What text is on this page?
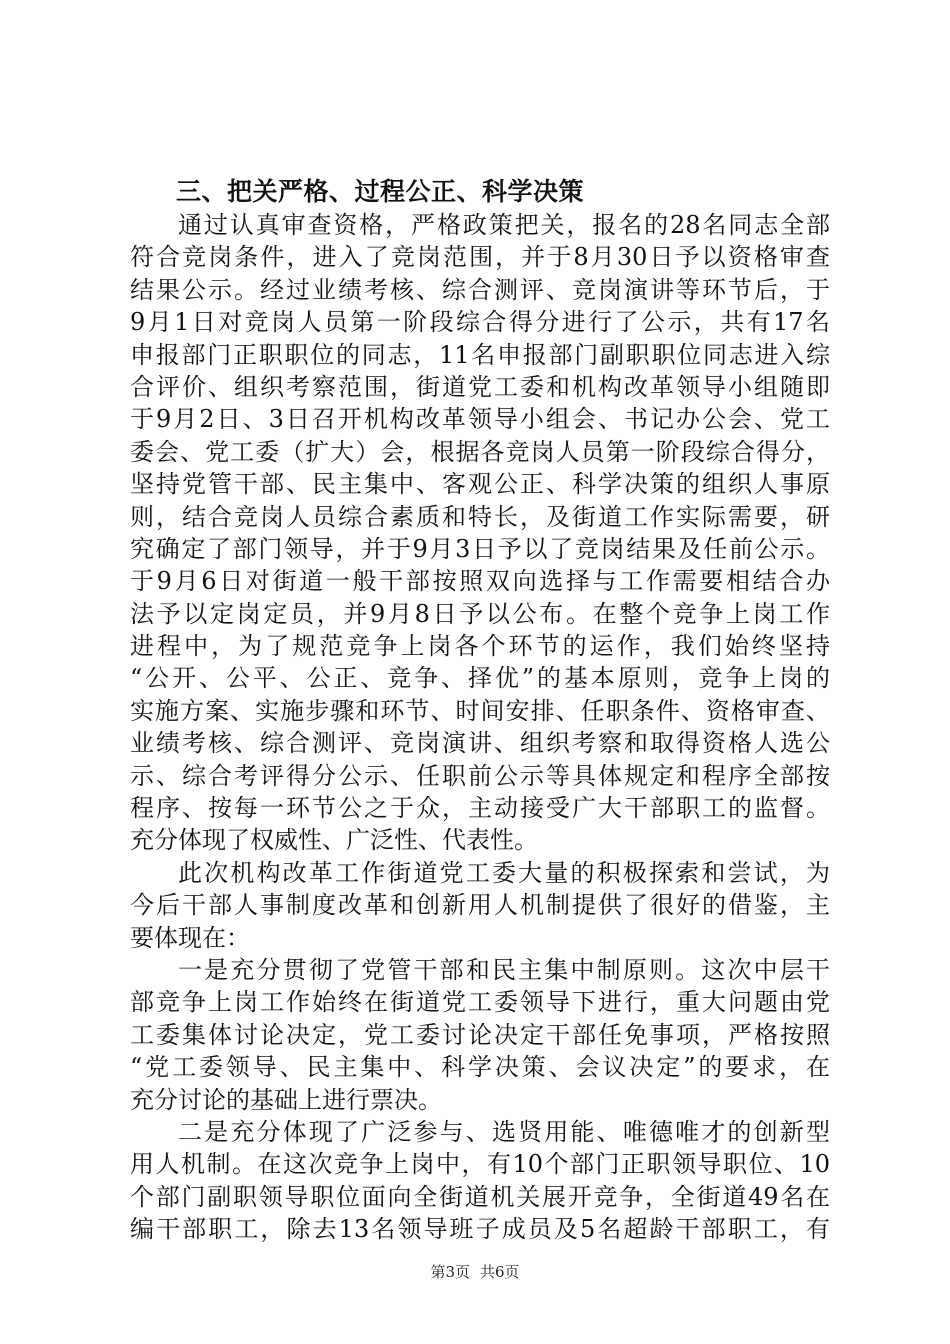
三、把关严格、过程公正、科学决策
通过认真审查资格，严格政策把关，报名的28名同志全部
符合竞岗条件，进入了竞岗范围，并于8月30日予以资格审查
结果公示。经过业绩考核、综合测评、竞岗演讲等环节后，于
9月1日对竞岗人员第一阶段综合得分进行了公示，共有17名
申报部门正职职位的同志，11名申报部门副职职位同志进入综
合评价、组织考察范围，街道党工委和机构改革领导小组随即
于9月2日、3日召开机构改革领导小组会、书记办公会、党工
委会、党工委（扩大）会，根据各竞岗人员第一阶段综合得分，
坚持党管干部、民主集中、客观公正、科学决策的组织人事原
则，结合竞岗人员综合素质和特长，及街道工作实际需要，研
究确定了部门领导，并于9月3日予以了竞岗结果及任前公示。
于9月6日对街道一般干部按照双向选择与工作需要相结合办
法予以定岗定员，并9月8日予以公布。在整个竞争上岗工作
进程中，为了规范竞争上岗各个环节的运作，我们始终坚持
“公开、公平、公正、竞争、择优”的基本原则，竞争上岗的
实施方案、实施步骤和环节、时间安排、任职条件、资格审查、
业绩考核、综合测评、竞岗演讲、组织考察和取得资格人选公
示、综合考评得分公示、任职前公示等具体规定和程序全部按
程序、按每一环节公之于众，主动接受广大干部职工的监督。
充分体现了权威性、广泛性、代表性。
此次机构改革工作街道党工委大量的积极探索和尝试，为
今后干部人事制度改革和创新用人机制提供了很好的借鉴，主
要体现在：
一是充分贯彻了党管干部和民主集中制原则。这次中层干
部竞争上岗工作始终在街道党工委领导下进行，重大问题由党
工委集体讨论决定，党工委讨论决定干部任免事项，严格按照
“党工委领导、民主集中、科学决策、会议决定”的要求，在
充分讨论的基础上进行票决。
二是充分体现了广泛参与、选贤用能、唯德唯才的创新型
用人机制。在这次竞争上岗中，有10个部门正职领导职位、10
个部门副职领导职位面向全街道机关展开竞争，全街道49名在
编干部职工，除去13名领导班子成员及5名超龄干部职工，有
第3页 共6页
